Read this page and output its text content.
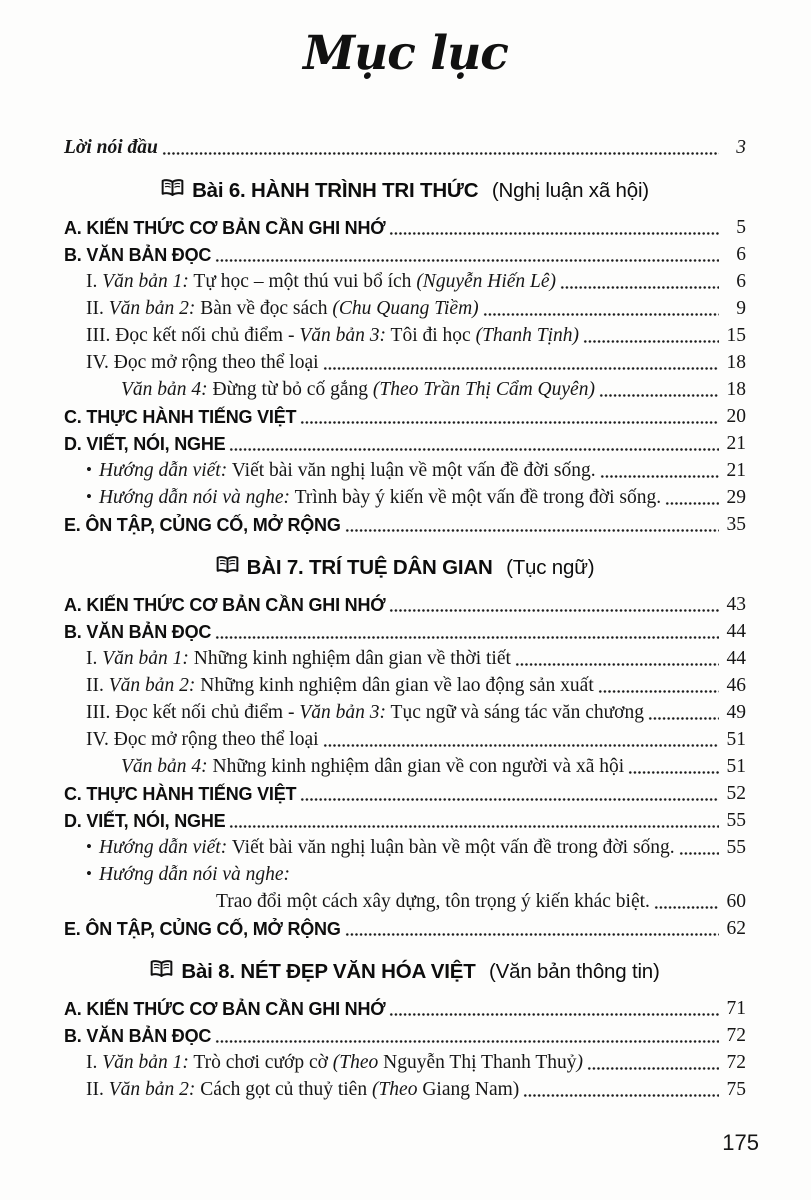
Mục lục
Lời nói đầu	3
Bài 6. HÀNH TRÌNH TRI THỨC (Nghị luận xã hội)
A. KIẾN THỨC CƠ BẢN CẦN GHI NHỚ	5
B. VĂN BẢN ĐỌC	6
I. Văn bản 1: Tự học – một thú vui bổ ích (Nguyễn Hiến Lê)	6
II. Văn bản 2: Bàn về đọc sách (Chu Quang Tiềm)	9
III. Đọc kết nối chủ điểm - Văn bản 3: Tôi đi học (Thanh Tịnh)	15
IV. Đọc mở rộng theo thể loại	18
Văn bản 4: Đừng từ bỏ cố gắng (Theo Trần Thị Cẩm Quyên)	18
C. THỰC HÀNH TIẾNG VIỆT	20
D. VIẾT, NÓI, NGHE	21
• Hướng dẫn viết: Viết bài văn nghị luận về một vấn đề đời sống.	21
• Hướng dẫn nói và nghe: Trình bày ý kiến về một vấn đề trong đời sống.	29
E. ÔN TẬP, CỦNG CỐ, MỞ RỘNG	35
BÀI 7. TRÍ TUỆ DÂN GIAN (Tục ngữ)
A. KIẾN THỨC CƠ BẢN CẦN GHI NHỚ	43
B. VĂN BẢN ĐỌC	44
I. Văn bản 1: Những kinh nghiệm dân gian về thời tiết	44
II. Văn bản 2: Những kinh nghiệm dân gian về lao động sản xuất	46
III. Đọc kết nối chủ điểm - Văn bản 3: Tục ngữ và sáng tác văn chương	49
IV. Đọc mở rộng theo thể loại	51
Văn bản 4: Những kinh nghiệm dân gian về con người và xã hội	51
C. THỰC HÀNH TIẾNG VIỆT	52
D. VIẾT, NÓI, NGHE	55
• Hướng dẫn viết: Viết bài văn nghị luận bàn về một vấn đề trong đời sống.	55
• Hướng dẫn nói và nghe:
Trao đổi một cách xây dựng, tôn trọng ý kiến khác biệt.	60
E. ÔN TẬP, CỦNG CỐ, MỞ RỘNG	62
Bài 8. NÉT ĐẸP VĂN HÓA VIỆT (Văn bản thông tin)
A. KIẾN THỨC CƠ BẢN CẦN GHI NHỚ	71
B. VĂN BẢN ĐỌC	72
I. Văn bản 1: Trò chơi cướp cờ (Theo Nguyễn Thị Thanh Thuỷ)	72
II. Văn bản 2: Cách gọt củ thuỷ tiên (Theo Giang Nam)	75
175
